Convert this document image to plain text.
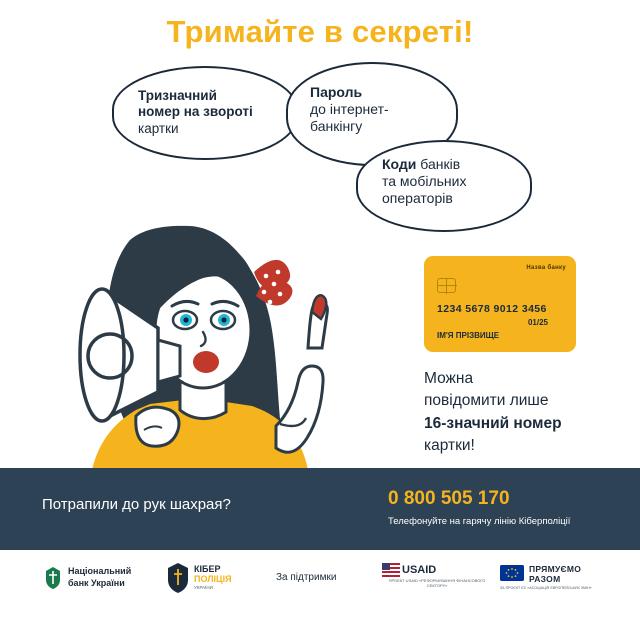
Тримайте в секреті!
Тризначний
номер на звороті
картки
Пароль
до інтернет-
банкінгу
Коди банків
та мобільних
операторів
Назва банку
1234 5678 9012 3456
01/25
ІМ'Я ПРІЗВИЩЕ
Можна
повідомити лише
16-значний номер
картки!
Потрапили до рук шахрая?	0 800 505 170
Телефонуйте на гарячу лінію Кіберполіції
Національний
банк України
КІБЕР
ПОЛІЦІЯ
УКРАЇНИ
За підтримки
USAID
ПРОЕКТ USAID «РЕФОРМУВАННЯ ФІНАНСОВОГО СЕКТОРУ»
ПРЯМУЄМО
РАЗОМ
ЗА ПРОЄКТ ЄС «АСОЦІАЦІЯ ЄВРОПЕЙСЬКИХ ЗМІН»
